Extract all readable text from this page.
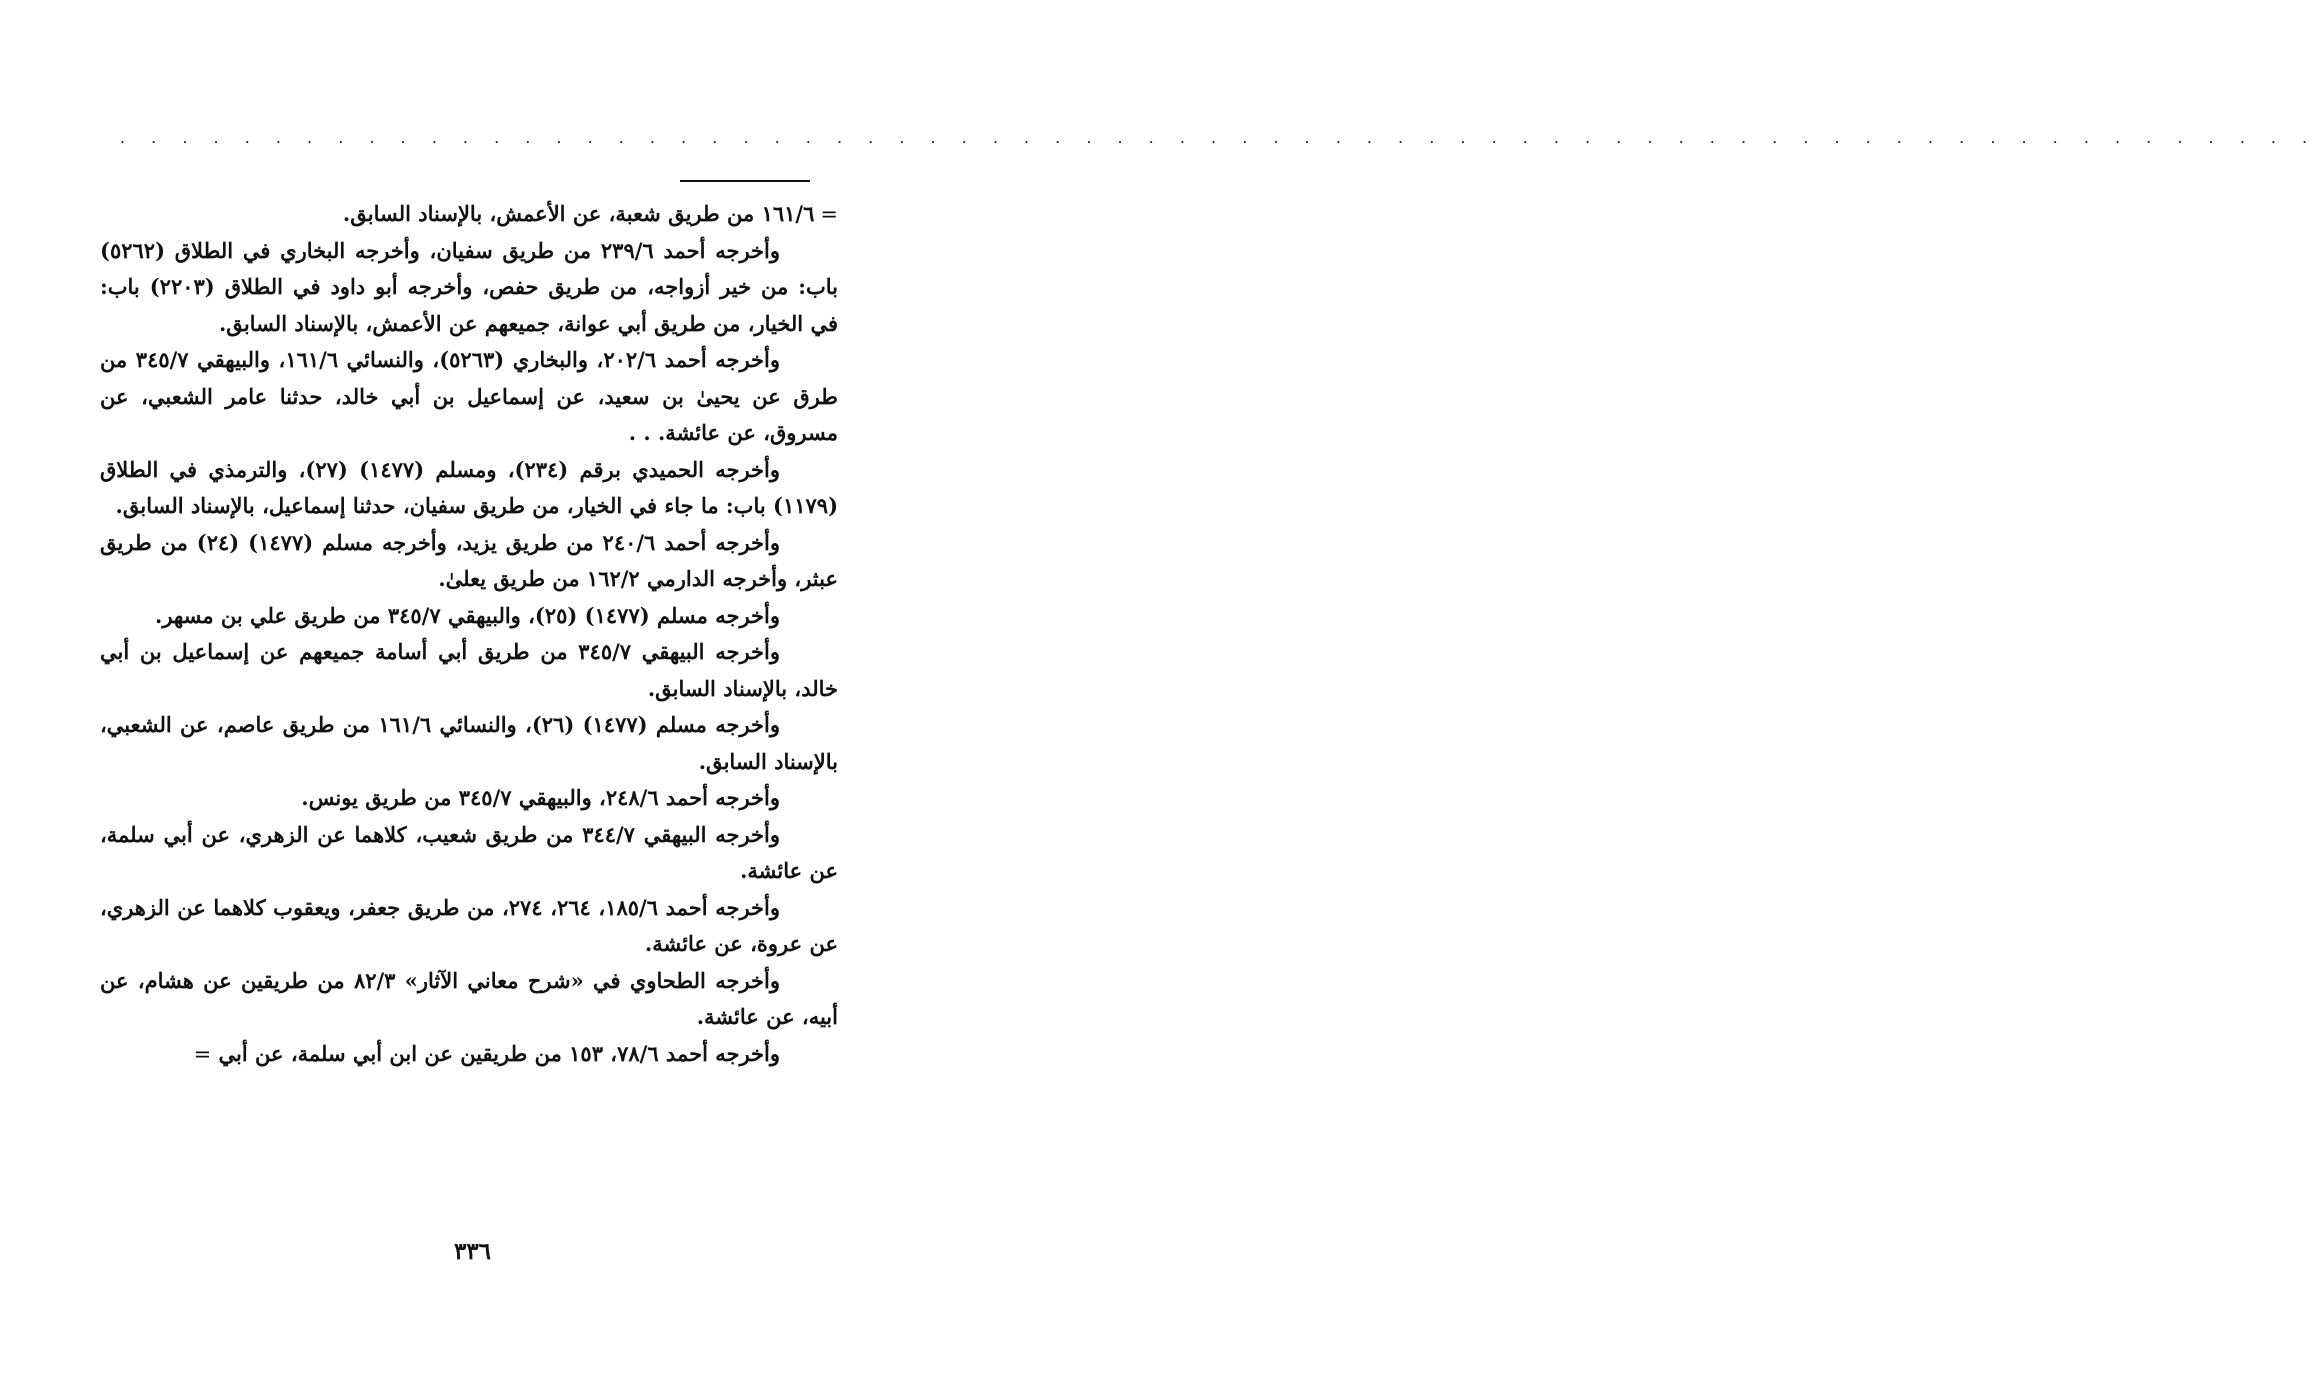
. . . . . . . . . . . . . . . . . . . . . . . . . . . . . . . . . . . . . . . . . . . . . . . . . . . . . . . . . . . . . . . . . . . . . . .

=١٦١/٦ من طريق شعبة، عن الأعمش، بالإسناد السابق.

وأخرجه أحمد ٢٣٩/٦ من طريق سفيان، وأخرجه البخاري في الطلاق (٥٢٦٢) باب: من خير أزواجه، من طريق حفص، وأخرجه أبو داود في الطلاق (٢٢٠٣) باب: في الخيار، من طريق أبي عوانة، جميعهم عن الأعمش، بالإسناد السابق.

وأخرجه أحمد ٢٠٢/٦، والبخاري (٥٢٦٣)، والنسائي ١٦١/٦، والبيهقي ٣٤٥/٧ من طرق عن يحيىٰ بن سعيد، عن إسماعيل بن أبي خالد، حدثنا عامر الشعبي، عن مسروق، عن عائشة. . .

وأخرجه الحميدي برقم (٢٣٤)، ومسلم (١٤٧٧) (٢٧)، والترمذي في الطلاق (١١٧٩) باب: ما جاء في الخيار، من طريق سفيان، حدثنا إسماعيل، بالإسناد السابق.

وأخرجه أحمد ٢٤٠/٦ من طريق يزيد، وأخرجه مسلم (١٤٧٧) (٢٤) من طريق عبثر، وأخرجه الدارمي ١٦٢/٢ من طريق يعلىٰ.

وأخرجه مسلم (١٤٧٧) (٢٥)، والبيهقي ٣٤٥/٧ من طريق علي بن مسهر.

وأخرجه البيهقي ٣٤٥/٧ من طريق أبي أسامة جميعهم عن إسماعيل بن أبي خالد، بالإسناد السابق.

وأخرجه مسلم (١٤٧٧) (٢٦)، والنسائي ١٦١/٦ من طريق عاصم، عن الشعبي، بالإسناد السابق.

وأخرجه أحمد ٢٤٨/٦، والبيهقي ٣٤٥/٧ من طريق يونس.

وأخرجه البيهقي ٣٤٤/٧ من طريق شعيب، كلاهما عن الزهري، عن أبي سلمة، عن عائشة.

وأخرجه أحمد ١٨٥/٦، ٢٦٤، ٢٧٤، من طريق جعفر، ويعقوب كلاهما عن الزهري، عن عروة، عن عائشة.

وأخرجه الطحاوي في «شرح معاني الآثار» ٨٢/٣ من طريقين عن هشام، عن أبيه، عن عائشة.

وأخرجه أحمد ٧٨/٦، ١٥٣ من طريقين عن ابن أبي سلمة، عن أبي =

٣٣٦
